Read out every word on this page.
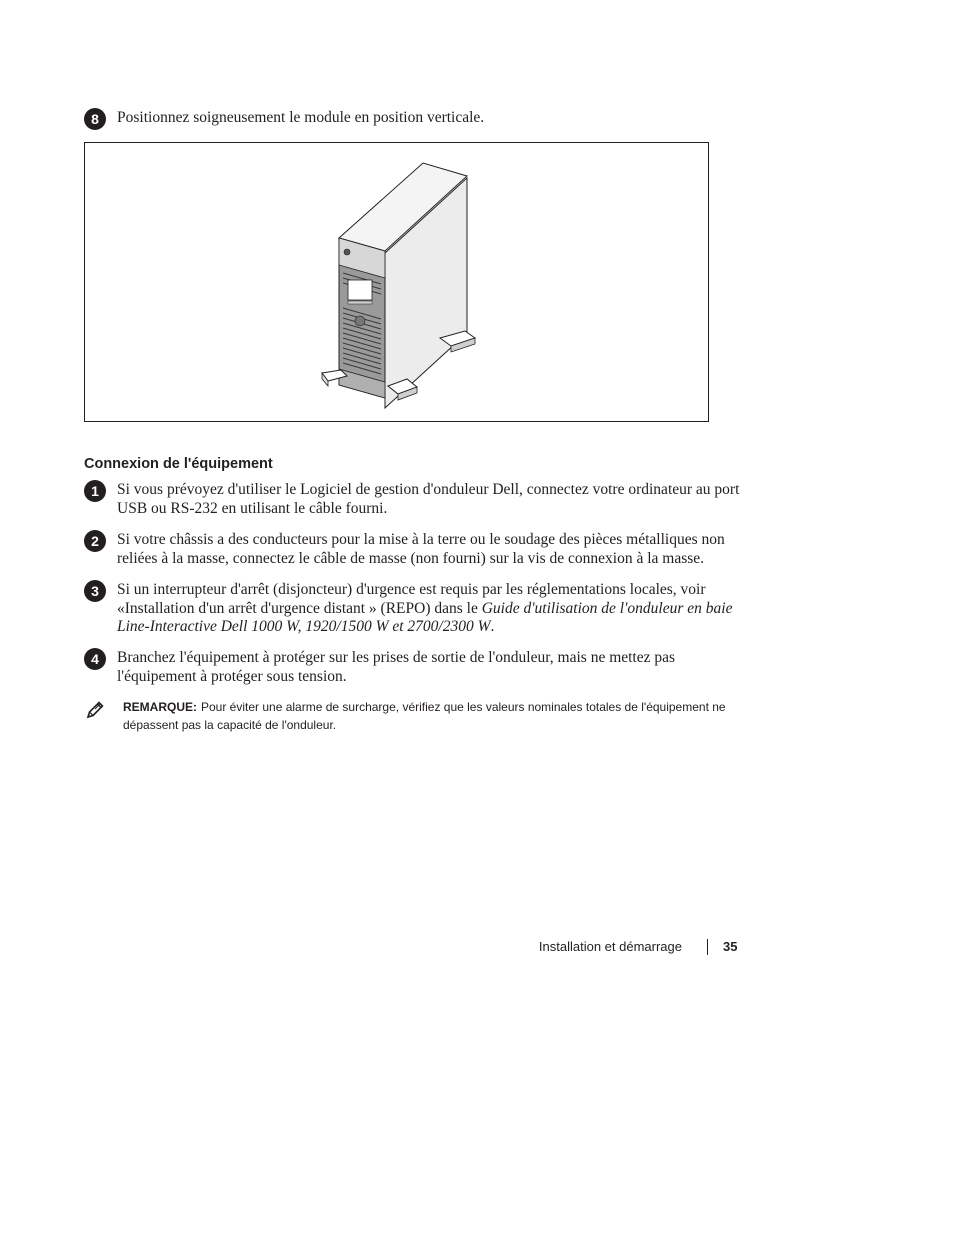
8	Positionnez soigneusement le module en position verticale.
Connexion de l'équipement
1	Si vous prévoyez d'utiliser le Logiciel de gestion d'onduleur Dell, connectez votre ordinateur au port USB ou RS-232 en utilisant le câble fourni.
2	Si votre châssis a des conducteurs pour la mise à la terre ou le soudage des pièces métalliques non reliées à la masse, connectez le câble de masse (non fourni) sur la vis de connexion à la masse.
3	Si un interrupteur d'arrêt (disjoncteur) d'urgence est requis par les réglementations locales, voir «Installation d'un arrêt d'urgence distant » (REPO) dans le Guide d'utilisation de l'onduleur en baie Line-Interactive Dell 1000 W, 1920/1500 W et 2700/2300 W.
4	Branchez l'équipement à protéger sur les prises de sortie de l'onduleur, mais ne mettez pas l'équipement à protéger sous tension.
REMARQUE: Pour éviter une alarme de surcharge, vérifiez que les valeurs nominales totales de l'équipement ne dépassent pas la capacité de l'onduleur.
Installation et démarrage	35
